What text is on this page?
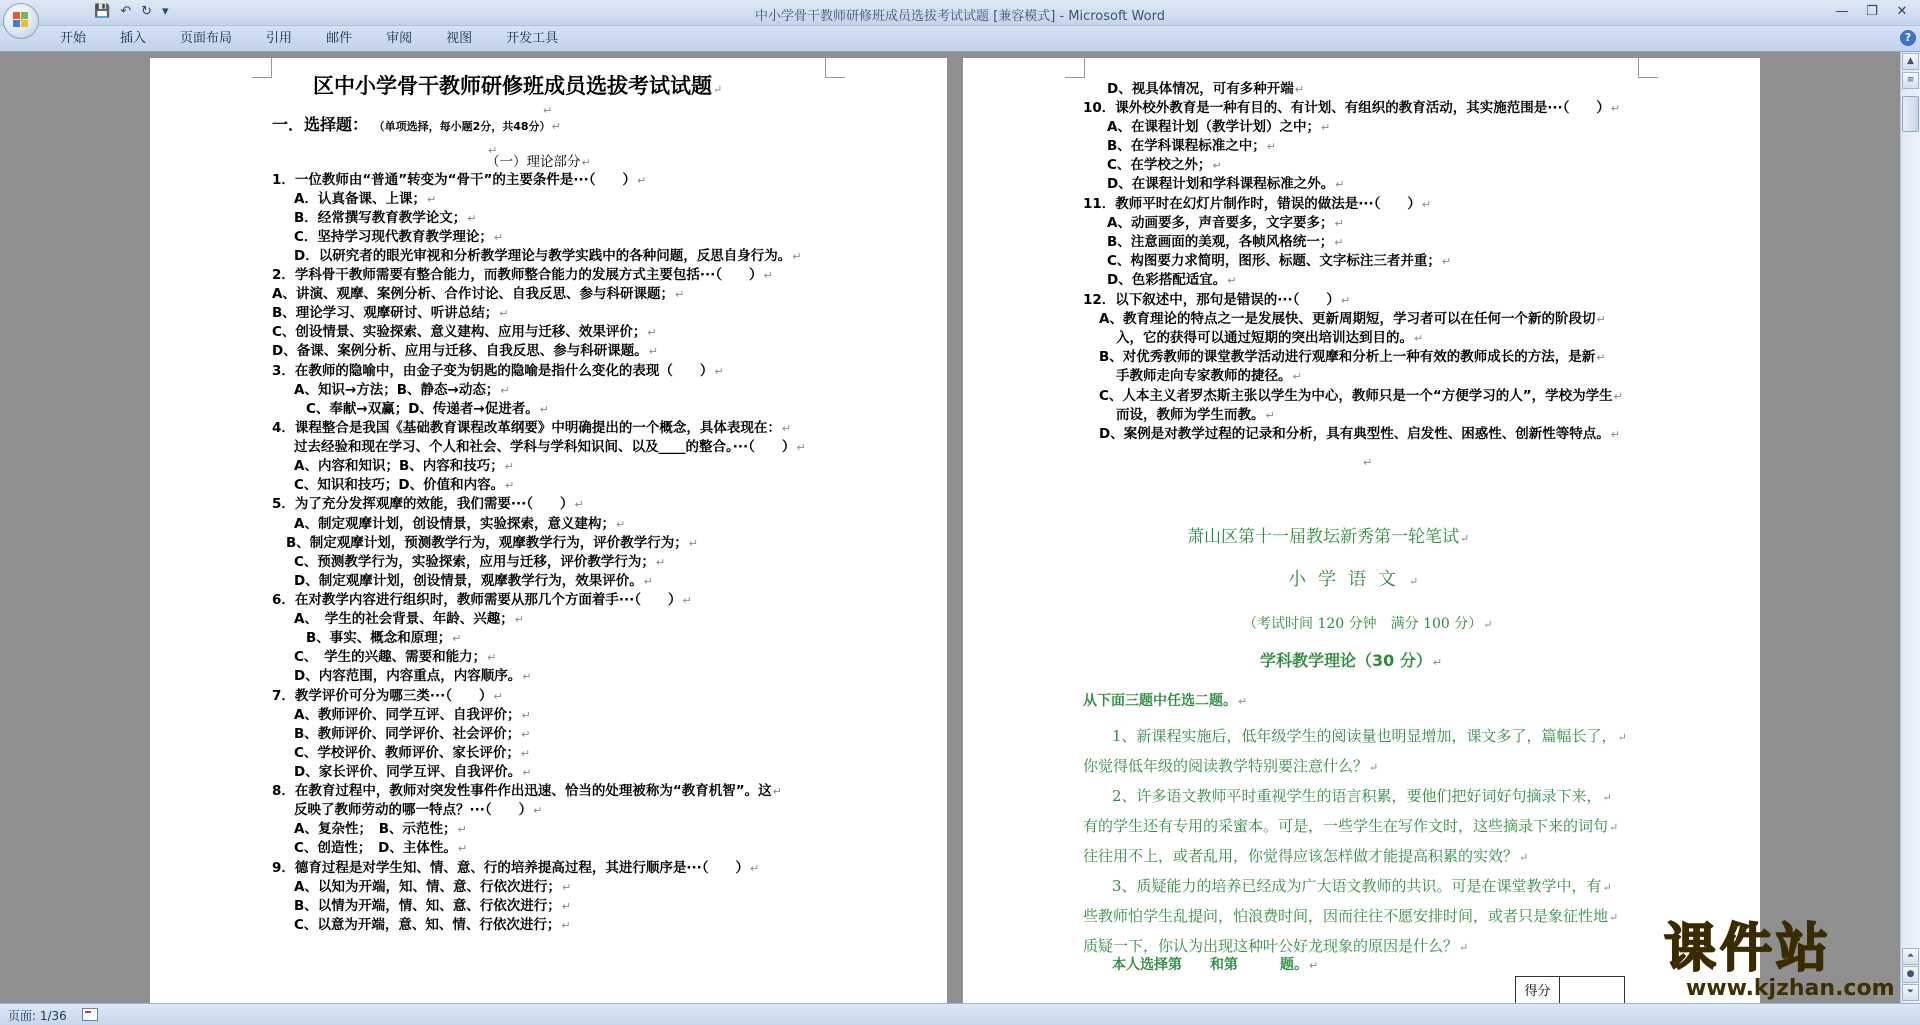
💾 ↶ ↻ ▾	中小学骨干教师研修班成员选拔考试试题 [兼容模式] - Microsoft Word	—	❐	✕
开始	插入	页面布局	引用	邮件	审阅	视图	开发工具	?
区中小学骨干教师研修班成员选拔考试试题↵
↵
一．选择题： （单项选择，每小题2分，共48分）↵
↵
（一）理论部分↵
1．一位教师由“普通”转变为“骨干”的主要条件是···（　　）↵
A．认真备课、上课；↵
B．经常撰写教育教学论文；↵
C．坚持学习现代教育教学理论；↵
D．以研究者的眼光审视和分析教学理论与教学实践中的各种问题，反思自身行为。↵
2．学科骨干教师需要有整合能力，而教师整合能力的发展方式主要包括···（　　）↵
A、讲演、观摩、案例分析、合作讨论、自我反思、参与科研课题；↵
B、理论学习、观摩研讨、听讲总结；↵
C、创设情景、实验探索、意义建构、应用与迁移、效果评价；↵
D、备课、案例分析、应用与迁移、自我反思、参与科研课题。↵
3．在教师的隐喻中，由金子变为钥匙的隐喻是指什么变化的表现（　　）↵
A、知识→方法；B、静态→动态；↵
C、奉献→双赢；D、传递者→促进者。↵
4．课程整合是我国《基础教育课程改革纲要》中明确提出的一个概念，具体表现在：↵
过去经验和现在学习、个人和社会、学科与学科知识间、以及____的整合。···（　　）↵
A、内容和知识；B、内容和技巧；↵
C、知识和技巧；D、价值和内容。↵
5．为了充分发挥观摩的效能，我们需要···（　　）↵
A、制定观摩计划，创设情景，实验探索，意义建构；↵
B、制定观摩计划，预测教学行为，观摩教学行为，评价教学行为；↵
C、预测教学行为，实验探索，应用与迁移，评价教学行为；↵
D、制定观摩计划，创设情景，观摩教学行为，效果评价。↵
6．在对教学内容进行组织时，教师需要从那几个方面着手···（　　）↵
A、　学生的社会背景、年龄、兴趣；↵
B、事实、概念和原理；↵
C、　学生的兴趣、需要和能力；↵
D、内容范围，内容重点，内容顺序。↵
7．教学评价可分为哪三类···（　　）↵
A、教师评价、同学互评、自我评价；↵
B、教师评价、同学评价、社会评价；↵
C、学校评价、教师评价、家长评价；↵
D、家长评价、同学互评、自我评价。↵
8．在教育过程中，教师对突发性事件作出迅速、恰当的处理被称为“教育机智”。这↵
反映了教师劳动的哪一特点？···（　　）↵
A、复杂性；　B、示范性；↵
C、创造性；　D、主体性。↵
9．德育过程是对学生知、情、意、行的培养提高过程，其进行顺序是···（　　）↵
A、以知为开端，知、情、意、行依次进行；↵
B、以情为开端，情、知、意、行依次进行；↵
C、以意为开端，意、知、情、行依次进行；↵
D、视具体情况，可有多种开端↵
10．课外校外教育是一种有目的、有计划、有组织的教育活动，其实施范围是···（　　）↵
A、在课程计划（教学计划）之中；↵
B、在学科课程标准之中；↵
C、在学校之外；↵
D、在课程计划和学科课程标准之外。↵
11．教师平时在幻灯片制作时，错误的做法是···（　　）↵
A、动画要多，声音要多，文字要多；↵
B、注意画面的美观，各帧风格统一；↵
C、构图要力求简明，图形、标题、文字标注三者并重；↵
D、色彩搭配适宜。↵
12．以下叙述中，那句是错误的···（　　）↵
A、教育理论的特点之一是发展快、更新周期短，学习者可以在任何一个新的阶段切↵
入，它的获得可以通过短期的突出培训达到目的。↵
B、对优秀教师的课堂教学活动进行观摩和分析上一种有效的教师成长的方法，是新↵
手教师走向专家教师的捷径。↵
C、人本主义者罗杰斯主张以学生为中心，教师只是一个“方便学习的人”，学校为学生↵
而设，教师为学生而教。↵
D、案例是对教学过程的记录和分析，具有典型性、启发性、困惑性、创新性等特点。↵
↵
萧山区第十一届教坛新秀第一轮笔试↵
小学语文↵
（考试时间 120 分钟　满分 100 分）↵
学科教学理论（30 分）↵
从下面三题中任选二题。↵
1、新课程实施后，低年级学生的阅读量也明显增加，课文多了，篇幅长了，↵
你觉得低年级的阅读教学特别要注意什么？↵
2、许多语文教师平时重视学生的语言积累，要他们把好词好句摘录下来，↵
有的学生还有专用的采蜜本。可是，一些学生在写作文时，这些摘录下来的词句↵
往往用不上，或者乱用，你觉得应该怎样做才能提高积累的实效？↵
3、质疑能力的培养已经成为广大语文教师的共识。可是在课堂教学中，有↵
些教师怕学生乱提问，怕浪费时间，因而往往不愿安排时间，或者只是象征性地↵
质疑一下，你认为出现这种叶公好龙现象的原因是什么？↵
本人选择第　　和第　　　题。↵
得分
▲
≡
⏶
●
⏷
页面: 1/36
课件站
www.kjzhan.com
